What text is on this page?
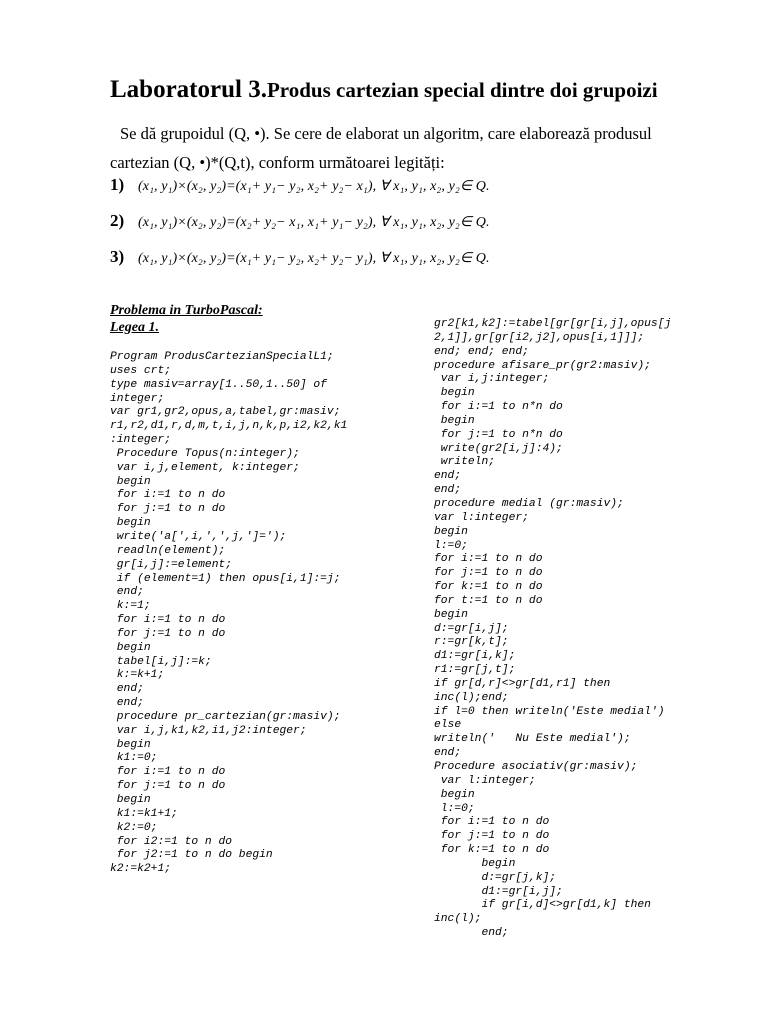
Laboratorul 3.Produs cartezian special dintre doi grupoizi
Se dă grupoidul (Q, •). Se cere de elaborat un algoritm, care elaborează produsul
cartezian (Q, •)*(Q,t), conform următoarei legități:
1) (x₁, y₁)×(x₂, y₂)=(x₁+ y₁− y₂, x₂+ y₂− x₁), ∀ x₁, y₁, x₂, y₂∈ Q.
2) (x₁, y₁)×(x₂, y₂)=(x₂+ y₂− x₁, x₁+ y₁− y₂), ∀ x₁, y₁, x₂, y₂∈ Q.
3) (x₁, y₁)×(x₂, y₂)=(x₁+ y₁− y₂, x₂+ y₂− y₁), ∀ x₁, y₁, x₂, y₂∈ Q.
Problema in TurboPascal:
Legea 1.
Program ProdusCartezianSpecialL1;
uses crt;
type masiv=array[1..50,1..50] of
integer;
var gr1,gr2,opus,a,tabel,gr:masiv;
r1,r2,d1,r,d,m,t,i,j,n,k,p,i2,k2,k1
:integer;
Procedure Topus(n:integer);
var i,j,element, k:integer;
begin
for i:=1 to n do
for j:=1 to n do
begin
write('a[',i,',',j,']=');
readln(element);
gr[i,j]:=element;
if (element=1) then opus[i,1]:=j;
end;
k:=1;
for i:=1 to n do
for j:=1 to n do
begin
tabel[i,j]:=k;
k:=k+1;
end;
end;
procedure pr_cartezian(gr:masiv);
var i,j,k1,k2,i1,j2:integer;
begin
k1:=0;
for i:=1 to n do
for j:=1 to n do
begin
k1:=k1+1;
k2:=0;
for i2:=1 to n do
for j2:=1 to n do begin
k2:=k2+1;
gr2[k1,k2]:=tabel[gr[gr[i,j],opus[j
2,1]],gr[gr[i2,j2],opus[i,1]]];
end; end; end;
procedure afisare_pr(gr2:masiv);
var i,j:integer;
begin
for i:=1 to n*n do
begin
for j:=1 to n*n do
write(gr2[i,j]:4);
writeln;
end;
end;
procedure medial (gr:masiv);
var l:integer;
begin
l:=0;
for i:=1 to n do
for j:=1 to n do
for k:=1 to n do
for t:=1 to n do
begin
d:=gr[i,j];
r:=gr[k,t];
d1:=gr[i,k];
r1:=gr[j,t];
if gr[d,r]<>gr[d1,r1] then
inc(l);end;
if l=0 then writeln('Este medial')
else
writeln('   Nu Este medial');
end;
Procedure asociativ(gr:masiv);
var l:integer;
begin
l:=0;
for i:=1 to n do
for j:=1 to n do
for k:=1 to n do
begin
d:=gr[j,k];
d1:=gr[i,j];
if gr[i,d]<>gr[d1,k] then
inc(l);
end;
